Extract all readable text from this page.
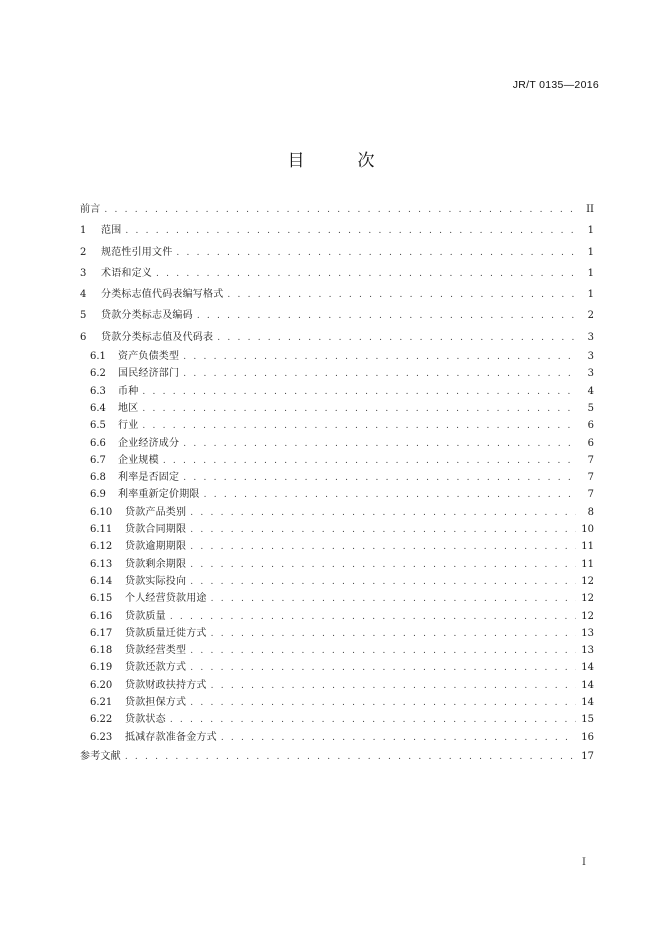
JR/T 0135—2016
目　次
前言 . . .	II
1	范围 . . .	1
2	规范性引用文件 . . .	1
3	术语和定义 . . .	1
4	分类标志值代码表编写格式 . . .	1
5	贷款分类标志及编码 . . .	2
6	贷款分类标志值及代码表 . . .	3
6.1	资产负债类型 . . .	3
6.2	国民经济部门 . . .	3
6.3	币种 . . .	4
6.4	地区 . . .	5
6.5	行业 . . .	6
6.6	企业经济成分 . . .	6
6.7	企业规模 . . .	7
6.8	利率是否固定 . . .	7
6.9	利率重新定价期限 . . .	7
6.10	贷款产品类别 . . .	8
6.11	贷款合同期限 . . .	10
6.12	贷款逾期期限 . . .	11
6.13	贷款剩余期限 . . .	11
6.14	贷款实际投向 . . .	12
6.15	个人经营贷款用途 . . .	12
6.16	贷款质量 . . .	12
6.17	贷款质量迁徙方式 . . .	13
6.18	贷款经营类型 . . .	13
6.19	贷款还款方式 . . .	14
6.20	贷款财政扶持方式 . . .	14
6.21	贷款担保方式 . . .	14
6.22	贷款状态 . . .	15
6.23	抵减存款准备金方式 . . .	16
参考文献 . . .	17
I
